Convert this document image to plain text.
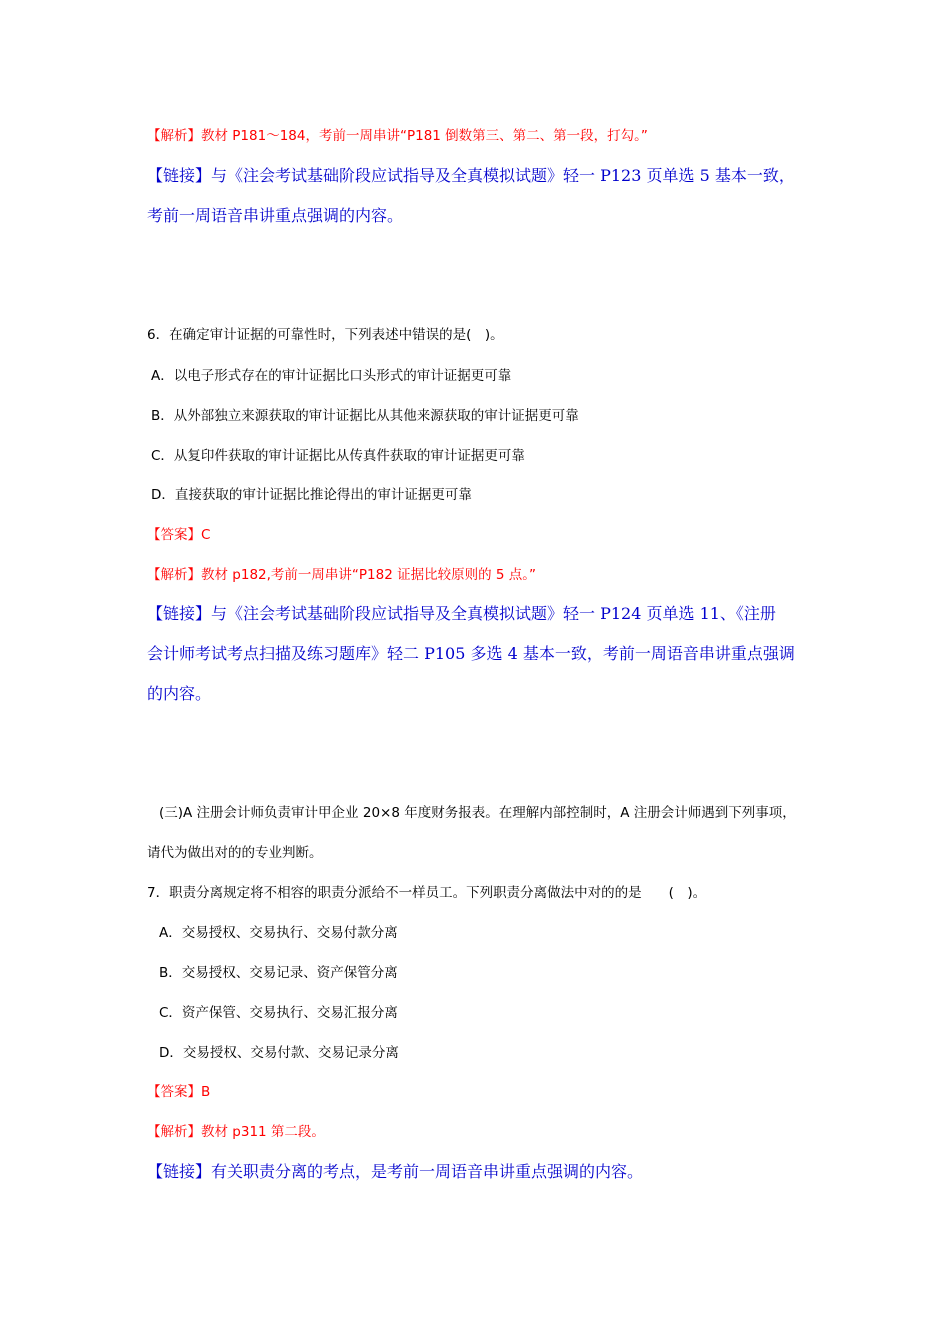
【解析】教材 P181～184，考前一周串讲“P181 倒数第三、第二、第一段，打勾。”
【链接】与《注会考试基础阶段应试指导及全真模拟试题》轻一 P123 页单选 5 基本一致，
考前一周语音串讲重点强调的内容。
6．在确定审计证据的可靠性时，下列表述中错误的是(　)。
A．以电子形式存在的审计证据比口头形式的审计证据更可靠
B．从外部独立来源获取的审计证据比从其他来源获取的审计证据更可靠
C．从复印件获取的审计证据比从传真件获取的审计证据更可靠
D．直接获取的审计证据比推论得出的审计证据更可靠
【答案】C
【解析】教材 p182,考前一周串讲“P182 证据比较原则的 5 点。”
【链接】与《注会考试基础阶段应试指导及全真模拟试题》轻一 P124 页单选 11、《注册
会计师考试考点扫描及练习题库》轻二 P105 多选 4 基本一致，考前一周语音串讲重点强调
的内容。
(三)A 注册会计师负责审计甲企业 20×8 年度财务报表。在理解内部控制时，A 注册会计师遇到下列事项，
请代为做出对的的专业判断。
7．职责分离规定将不相容的职责分派给不一样员工。下列职责分离做法中对的的是　　(　)。
A．交易授权、交易执行、交易付款分离
B．交易授权、交易记录、资产保管分离
C．资产保管、交易执行、交易汇报分离
D．交易授权、交易付款、交易记录分离
【答案】B
【解析】教材 p311 第二段。
【链接】有关职责分离的考点，是考前一周语音串讲重点强调的内容。
